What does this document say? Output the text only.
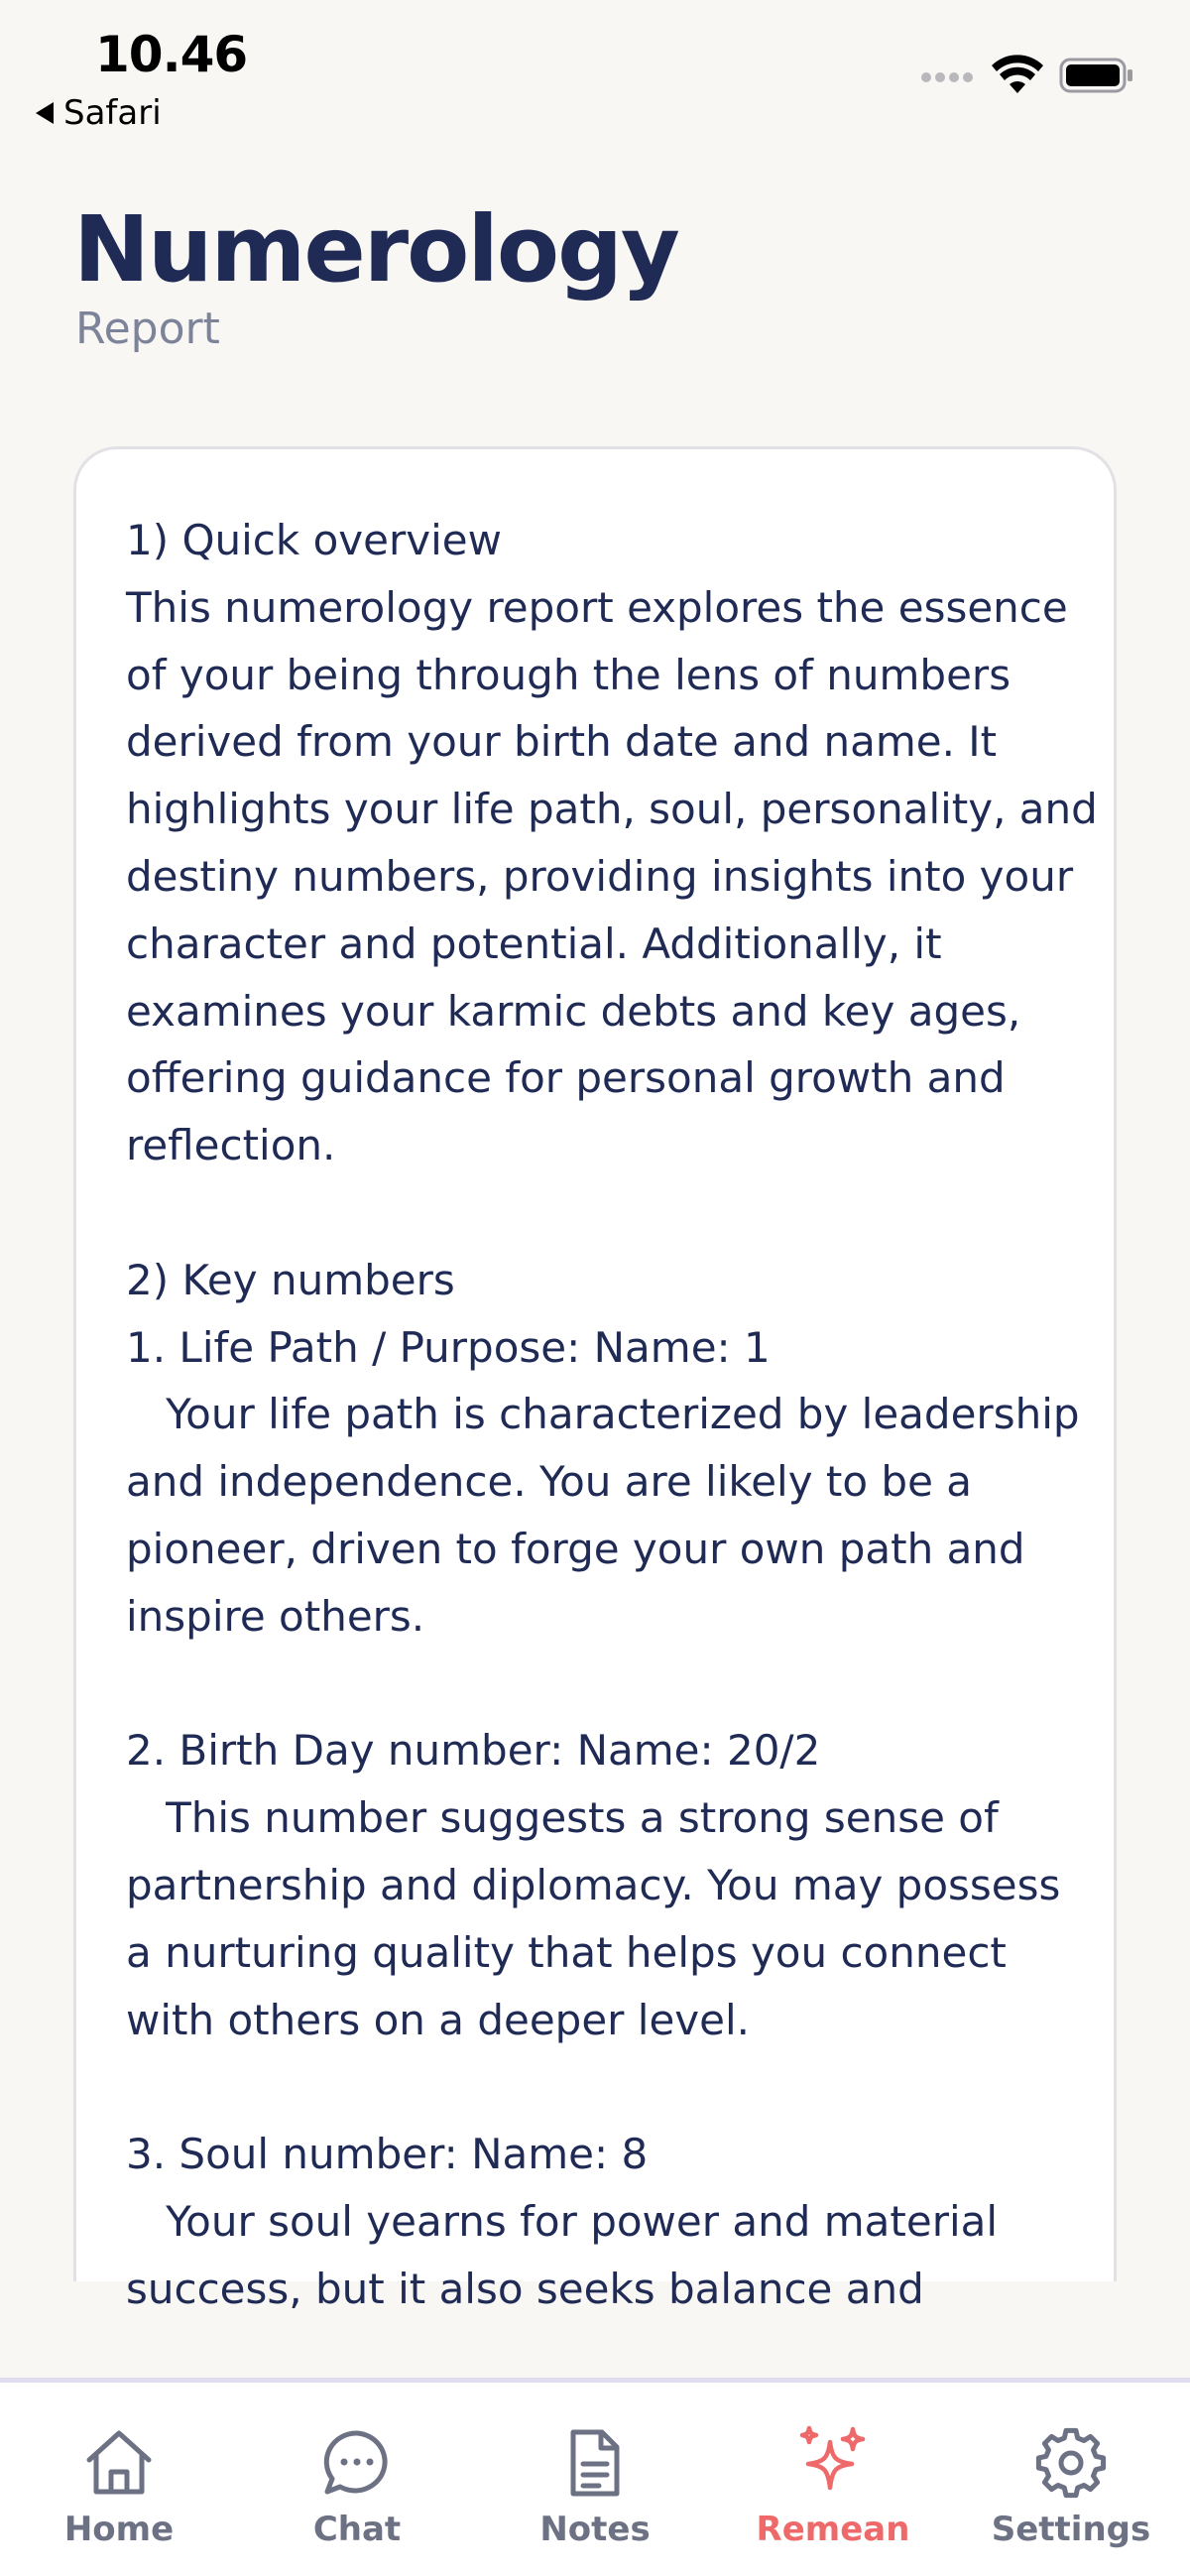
10.46
Safari
Numerology
Report
1) Quick overview
This numerology report explores the essence of your being through the lens of numbers derived from your birth date and name. It highlights your life path, soul, personality, and destiny numbers, providing insights into your character and potential. Additionally, it examines your karmic debts and key ages, offering guidance for personal growth and reflection.

2) Key numbers
1. Life Path / Purpose: Name: 1
Your life path is characterized by leadership and independence. You are likely to be a pioneer, driven to forge your own path and inspire others.

2. Birth Day number: Name: 20/2
This number suggests a strong sense of partnership and diplomacy. You may possess a nurturing quality that helps you connect with others on a deeper level.

3. Soul number: Name: 8
Your soul yearns for power and material success, but it also seeks balance and
Home	Chat	Notes	Remean Settings
